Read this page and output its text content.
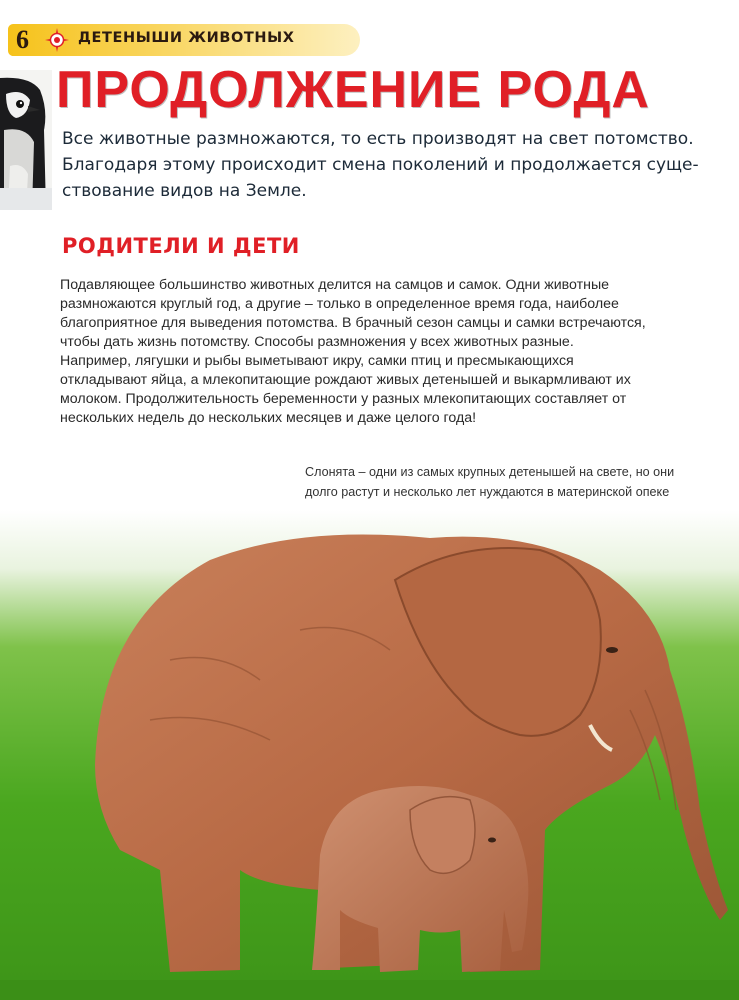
6	ДЕТЕНЫШИ ЖИВОТНЫХ
ПРОДОЛЖЕНИЕ РОДА

Все животные размножаются, то есть производят на свет потомство.
Благодаря этому происходит смена поколений и продолжается суще-
ствование видов на Земле.

РОДИТЕЛИ И ДЕТИ

Подавляющее большинство животных делится на самцов и самок. Одни животные
размножаются круглый год, а другие – только в определенное время года, наиболее
благоприятное для выведения потомства. В брачный сезон самцы и самки встречаются,
чтобы дать жизнь потомству. Способы размножения у всех животных разные.
Например, лягушки и рыбы выметывают икру, самки птиц и пресмыкающихся
откладывают яйца, а млекопитающие рождают живых детенышей и выкармливают их
молоком. Продолжительность беременности у разных млекопитающих составляет от
нескольких недель до нескольких месяцев и даже целого года!

Слонята – одни из самых крупных детенышей на свете, но они
долго растут и несколько лет нуждаются в материнской опеке
